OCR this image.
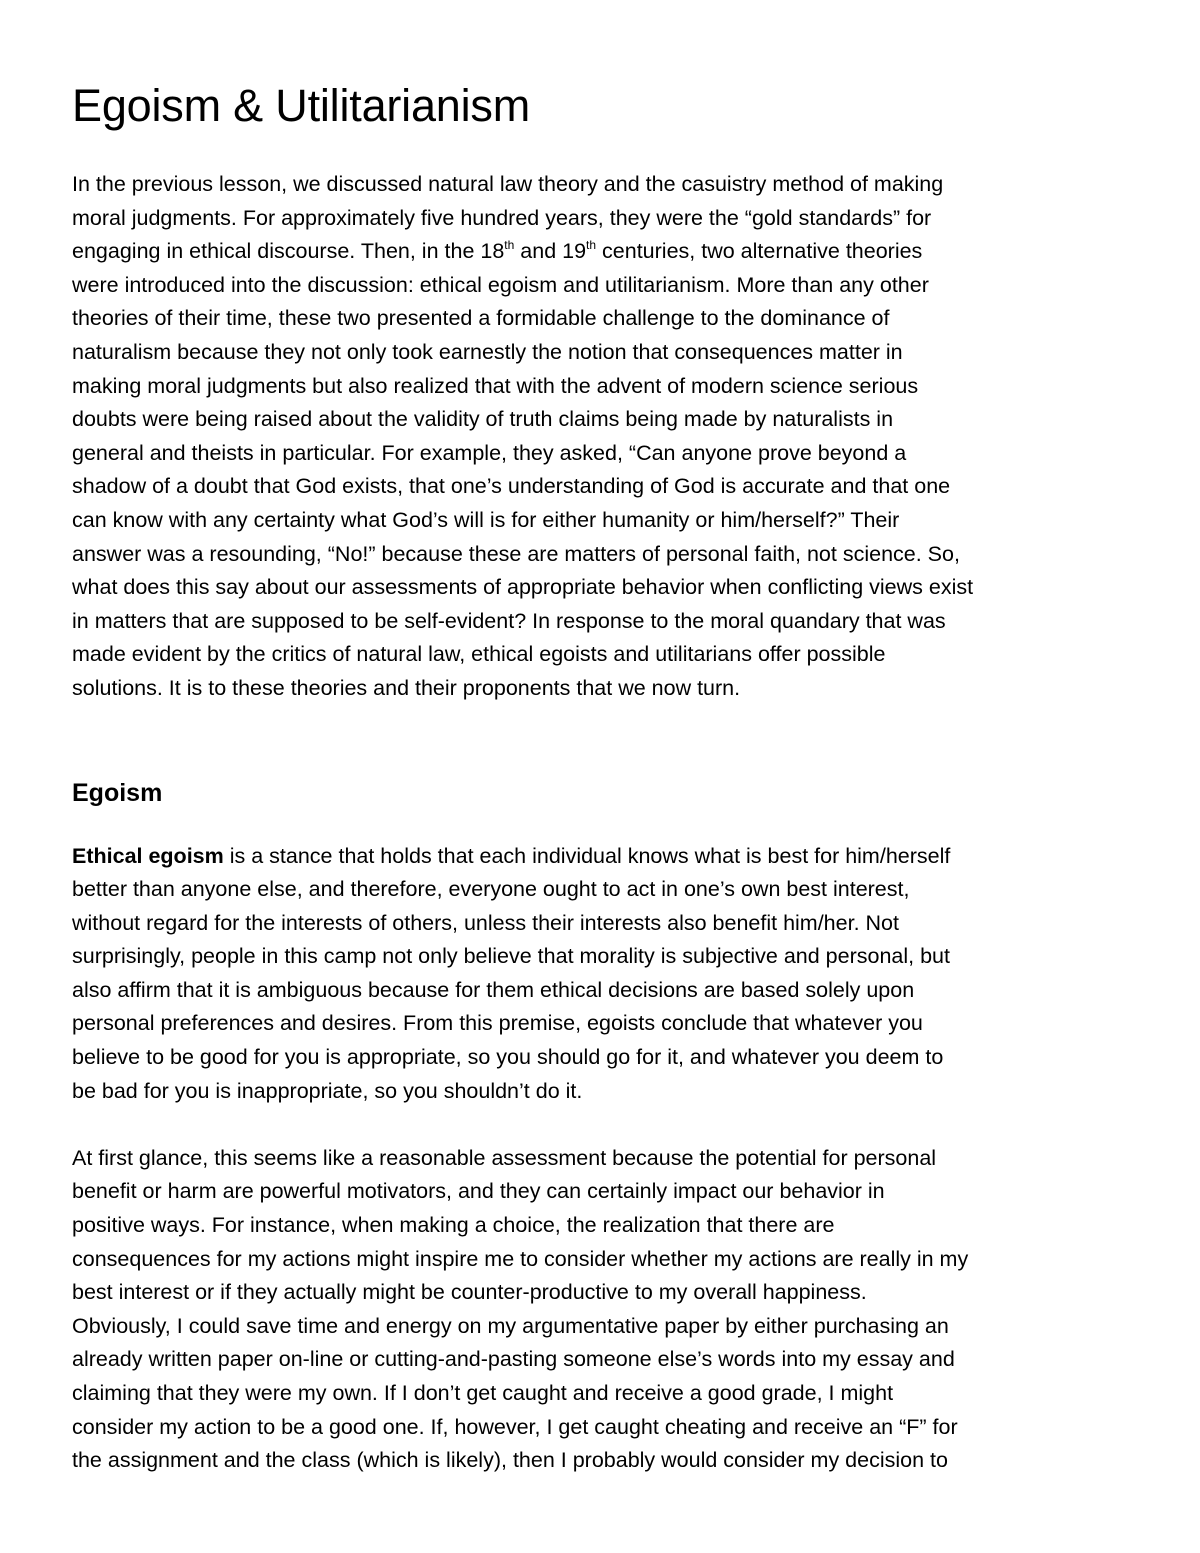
Egoism & Utilitarianism

In the previous lesson, we discussed natural law theory and the casuistry method of making
moral judgments. For approximately five hundred years, they were the “gold standards” for
engaging in ethical discourse. Then, in the 18th and 19th centuries, two alternative theories
were introduced into the discussion: ethical egoism and utilitarianism. More than any other
theories of their time, these two presented a formidable challenge to the dominance of
naturalism because they not only took earnestly the notion that consequences matter in
making moral judgments but also realized that with the advent of modern science serious
doubts were being raised about the validity of truth claims being made by naturalists in
general and theists in particular. For example, they asked, “Can anyone prove beyond a
shadow of a doubt that God exists, that one’s understanding of God is accurate and that one
can know with any certainty what God’s will is for either humanity or him/herself?” Their
answer was a resounding, “No!” because these are matters of personal faith, not science. So,
what does this say about our assessments of appropriate behavior when conflicting views exist
in matters that are supposed to be self-evident? In response to the moral quandary that was
made evident by the critics of natural law, ethical egoists and utilitarians offer possible
solutions. It is to these theories and their proponents that we now turn.

Egoism

Ethical egoism is a stance that holds that each individual knows what is best for him/herself
better than anyone else, and therefore, everyone ought to act in one’s own best interest,
without regard for the interests of others, unless their interests also benefit him/her. Not
surprisingly, people in this camp not only believe that morality is subjective and personal, but
also affirm that it is ambiguous because for them ethical decisions are based solely upon
personal preferences and desires. From this premise, egoists conclude that whatever you
believe to be good for you is appropriate, so you should go for it, and whatever you deem to
be bad for you is inappropriate, so you shouldn’t do it.

At first glance, this seems like a reasonable assessment because the potential for personal
benefit or harm are powerful motivators, and they can certainly impact our behavior in
positive ways. For instance, when making a choice, the realization that there are
consequences for my actions might inspire me to consider whether my actions are really in my
best interest or if they actually might be counter-productive to my overall happiness.
Obviously, I could save time and energy on my argumentative paper by either purchasing an
already written paper on-line or cutting-and-pasting someone else’s words into my essay and
claiming that they were my own. If I don’t get caught and receive a good grade, I might
consider my action to be a good one. If, however, I get caught cheating and receive an “F” for
the assignment and the class (which is likely), then I probably would consider my decision to
